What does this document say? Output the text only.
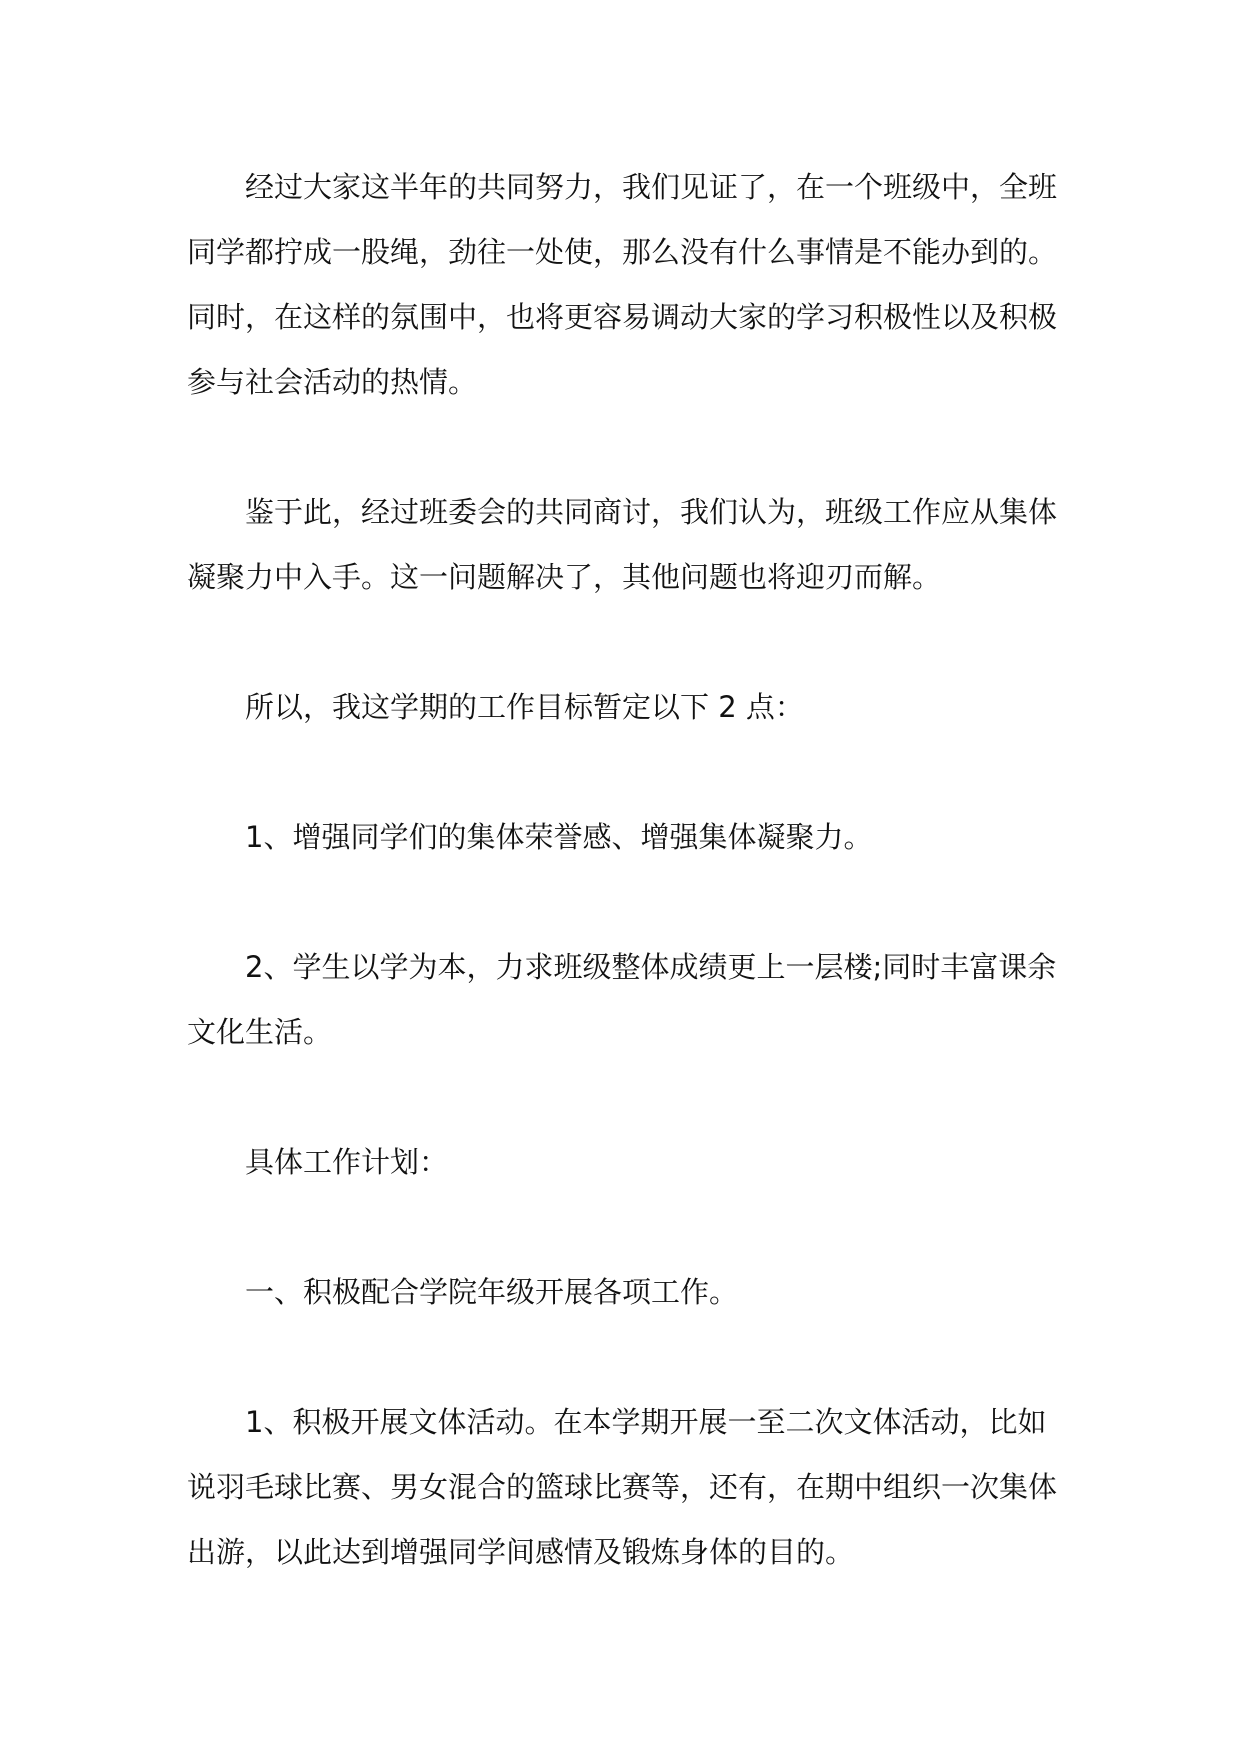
经过大家这半年的共同努力，我们见证了，在一个班级中，全班同学都拧成一股绳，劲往一处使，那么没有什么事情是不能办到的。同时，在这样的氛围中，也将更容易调动大家的学习积极性以及积极参与社会活动的热情。

鉴于此，经过班委会的共同商讨，我们认为，班级工作应从集体凝聚力中入手。这一问题解决了，其他问题也将迎刃而解。

所以，我这学期的工作目标暂定以下 2 点：

1、增强同学们的集体荣誉感、增强集体凝聚力。

2、学生以学为本，力求班级整体成绩更上一层楼;同时丰富课余文化生活。

具体工作计划：

一、积极配合学院年级开展各项工作。

1、积极开展文体活动。在本学期开展一至二次文体活动，比如说羽毛球比赛、男女混合的篮球比赛等，还有，在期中组织一次集体出游，以此达到增强同学间感情及锻炼身体的目的。
